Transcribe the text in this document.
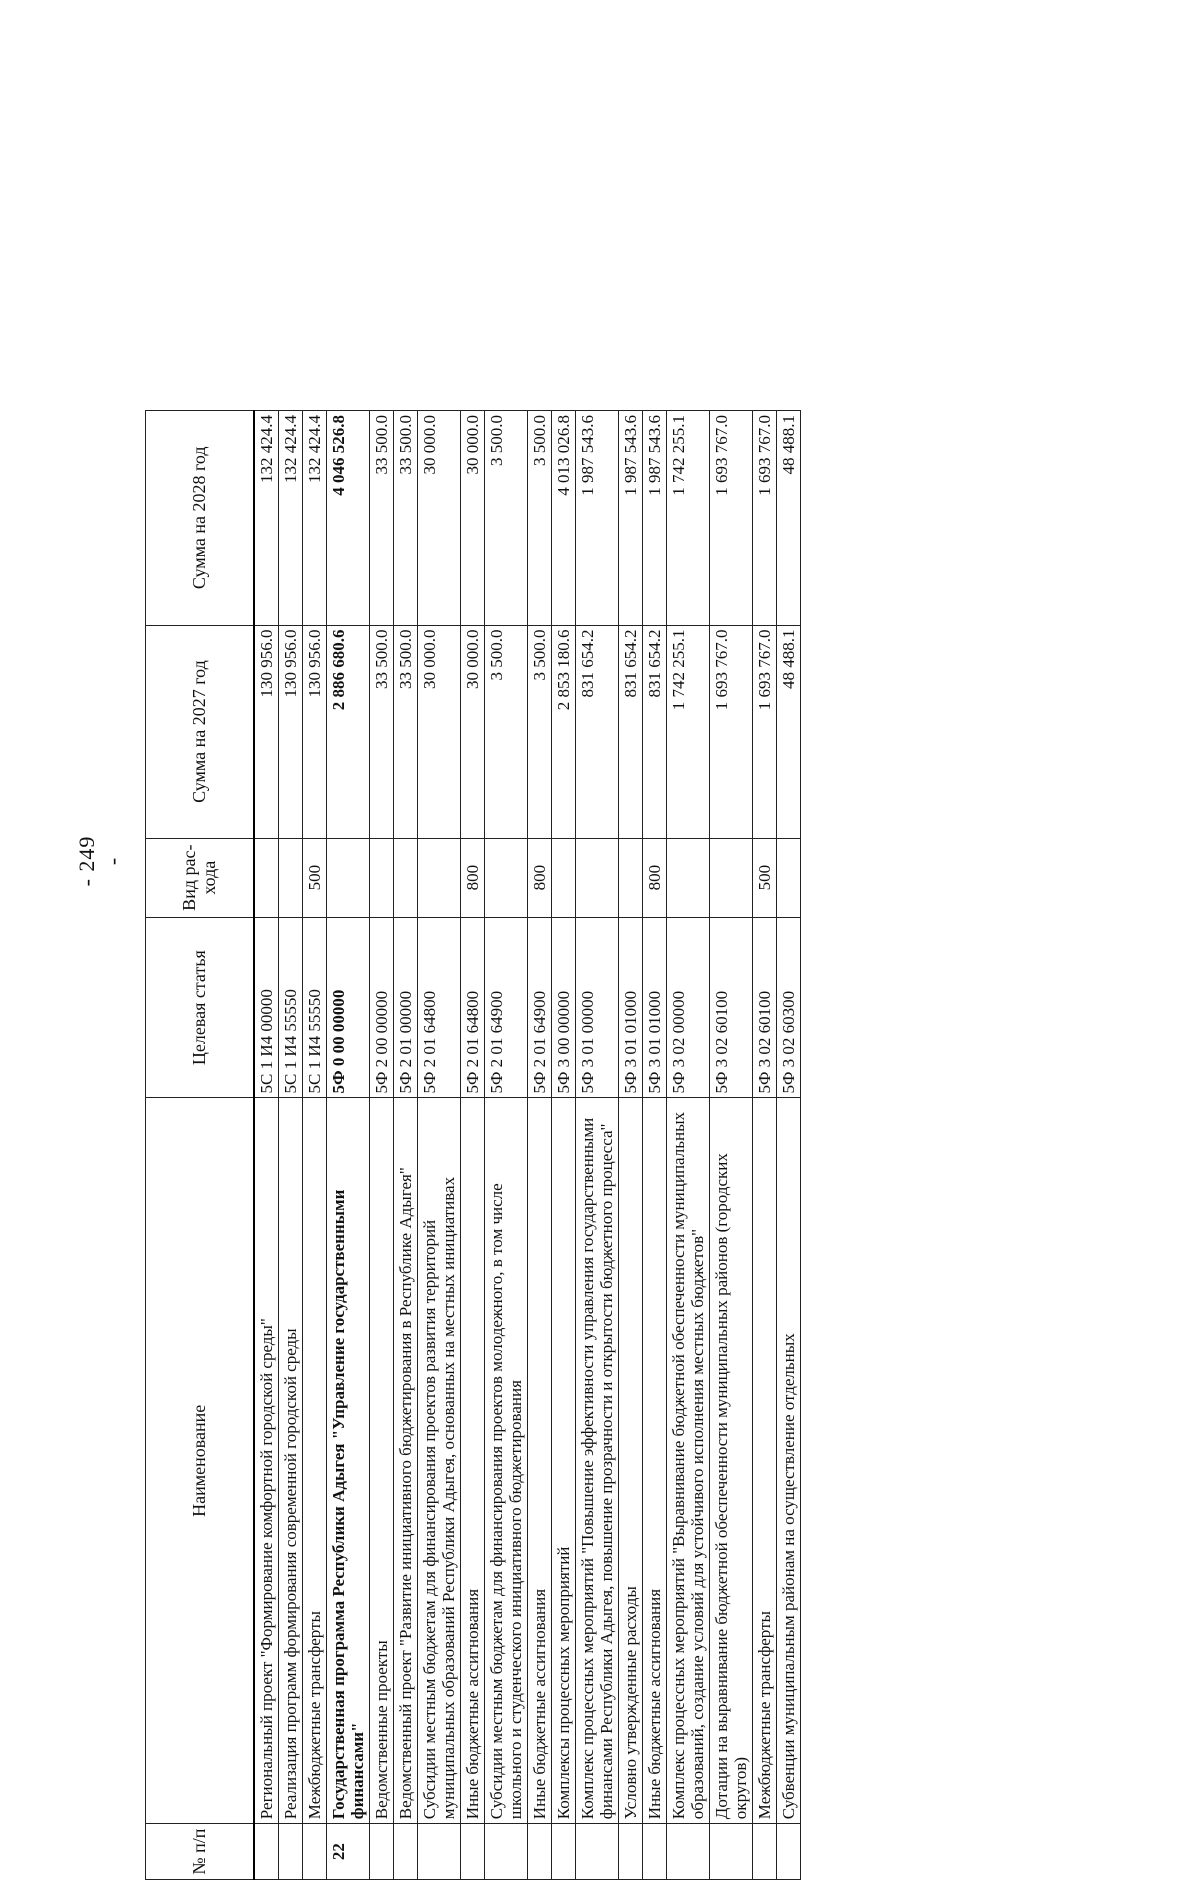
- 249 -
№ п/п	Наименование	Целевая статья	Вид рас-хода	Сумма на 2027 год	Сумма на 2028 год
	Региональный проект "Формирование комфортной городской среды"	5С 1 И4 00000		130 956.0	132 424.4
	Реализация программ формирования современной городской среды	5С 1 И4 55550		130 956.0	132 424.4
	Межбюджетные трансферты	5С 1 И4 55550	500	130 956.0	132 424.4
22	Государственная программа Республики Адыгея "Управление государственными финансами"	5Ф 0 00 00000		2 886 680.6	4 046 526.8
	Ведомственные проекты	5Ф 2 00 00000		33 500.0	33 500.0
	Ведомственный проект "Развитие инициативного бюджетирования в Республике Адыгея"	5Ф 2 01 00000		33 500.0	33 500.0
	Субсидии местным бюджетам для финансирования проектов развития территорий муниципальных образований Республики Адыгея, основанных на местных инициативах	5Ф 2 01 64800		30 000.0	30 000.0
	Иные бюджетные ассигнования	5Ф 2 01 64800	800	30 000.0	30 000.0
	Субсидии местным бюджетам для финансирования проектов молодежного, в том числе школьного и студенческого инициативного бюджетирования	5Ф 2 01 64900		3 500.0	3 500.0
	Иные бюджетные ассигнования	5Ф 2 01 64900	800	3 500.0	3 500.0
	Комплексы процессных мероприятий	5Ф 3 00 00000		2 853 180.6	4 013 026.8
	Комплекс процессных мероприятий "Повышение эффективности управления государственными финансами Республики Адыгея, повышение прозрачности и открытости бюджетного процесса"	5Ф 3 01 00000		831 654.2	1 987 543.6
	Условно утвержденные расходы	5Ф 3 01 01000		831 654.2	1 987 543.6
	Иные бюджетные ассигнования	5Ф 3 01 01000	800	831 654.2	1 987 543.6
	Комплекс процессных мероприятий "Выравнивание бюджетной обеспеченности муниципальных образований, создание условий для устойчивого исполнения местных бюджетов"	5Ф 3 02 00000		1 742 255.1	1 742 255.1
	Дотации на выравнивание бюджетной обеспеченности муниципальных районов (городских округов)	5Ф 3 02 60100		1 693 767.0	1 693 767.0
	Межбюджетные трансферты	5Ф 3 02 60100	500	1 693 767.0	1 693 767.0
	Субвенции муниципальным районам на осуществление отдельных	5Ф 3 02 60300		48 488.1	48 488.1
